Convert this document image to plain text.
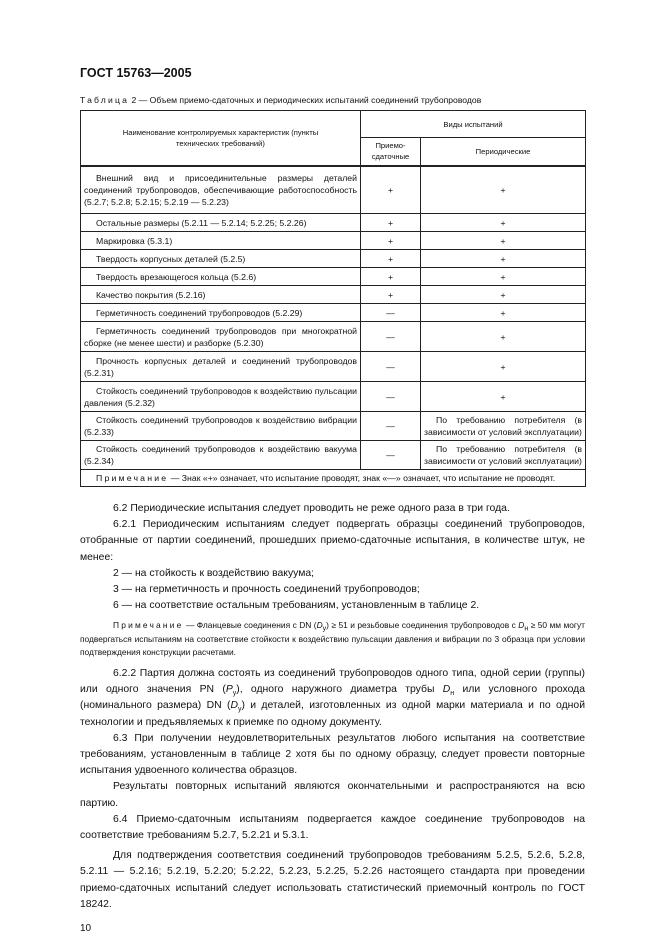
ГОСТ 15763—2005
Таблица 2 — Объем приемо-сдаточных и периодических испытаний соединений трубопроводов
Наименование контролируемых характеристик (пункты технических требований)	Виды испытаний	
	Приемо-сдаточные	Периодические
Внешний вид и присоединительные размеры деталей соединений трубопроводов, обеспечивающие работоспособность (5.2.7; 5.2.8; 5.2.15; 5.2.19 — 5.2.23)	+	+
Остальные размеры (5.2.11 — 5.2.14; 5.2.25; 5.2.26)	+	+
Маркировка (5.3.1)	+	+
Твердость корпусных деталей (5.2.5)	+	+
Твердость врезающегося кольца (5.2.6)	+	+
Качество покрытия (5.2.16)	+	+
Герметичность соединений трубопроводов (5.2.29)	—	+
Герметичность соединений трубопроводов при многократной сборке (не менее шести) и разборке (5.2.30)	—	+
Прочность корпусных деталей и соединений трубопроводов (5.2.31)	—	+
Стойкость соединений трубопроводов к воздействию пульсации давления (5.2.32)	—	+
Стойкость соединений трубопроводов к воздействию вибрации (5.2.33)	—	По требованию потребителя (в зависимости от условий эксплуатации)
Стойкость соединений трубопроводов к воздействию вакуума (5.2.34)	—	По требованию потребителя (в зависимости от условий эксплуатации)
Примечание — Знак «+» означает, что испытание проводят, знак «—» означает, что испытание не проводят.		

6.2 Периодические испытания следует проводить не реже одного раза в три года.

6.2.1 Периодическим испытаниям следует подвергать образцы соединений трубопроводов, отобранные от партии соединений, прошедших приемо-сдаточные испытания, в количестве штук, не менее:

2 — на стойкость к воздействию вакуума;

3 — на герметичность и прочность соединений трубопроводов;

6 — на соответствие остальным требованиям, установленным в таблице 2.

Примечание — Фланцевые соединения с DN $(D_у) \ge 51$ и резьбовые соединения трубопроводов с $D_н \ge 50$ мм могут подвергаться испытаниям на соответствие стойкости к воздействию пульсации давления и вибрации по 3 образца при условии подтверждения конструкции расчетами.

6.2.2 Партия должна состоять из соединений трубопроводов одного типа, одной серии (группы) или одного значения PN $(P_у)$, одного наружного диаметра трубы $D_н$ или условного прохода (номинального размера) DN $(D_у)$ и деталей, изготовленных из одной марки материала и по одной технологии и предъявляемых к приемке по одному документу.

6.3 При получении неудовлетворительных результатов любого испытания на соответствие требованиям, установленным в таблице 2 хотя бы по одному образцу, следует провести повторные испытания удвоенного количества образцов.

Результаты повторных испытаний являются окончательными и распространяются на всю партию.

6.4 Приемо-сдаточным испытаниям подвергается каждое соединение трубопроводов на соответствие требованиям 5.2.7, 5.2.21 и 5.3.1.

Для подтверждения соответствия соединений трубопроводов требованиям 5.2.5, 5.2.6, 5.2.8, 5.2.11 — 5.2.16; 5.2.19, 5.2.20; 5.2.22, 5.2.23, 5.2.25, 5.2.26 настоящего стандарта при проведении приемо-сдаточных испытаний следует использовать статистический приемочный контроль по ГОСТ 18242.

10
